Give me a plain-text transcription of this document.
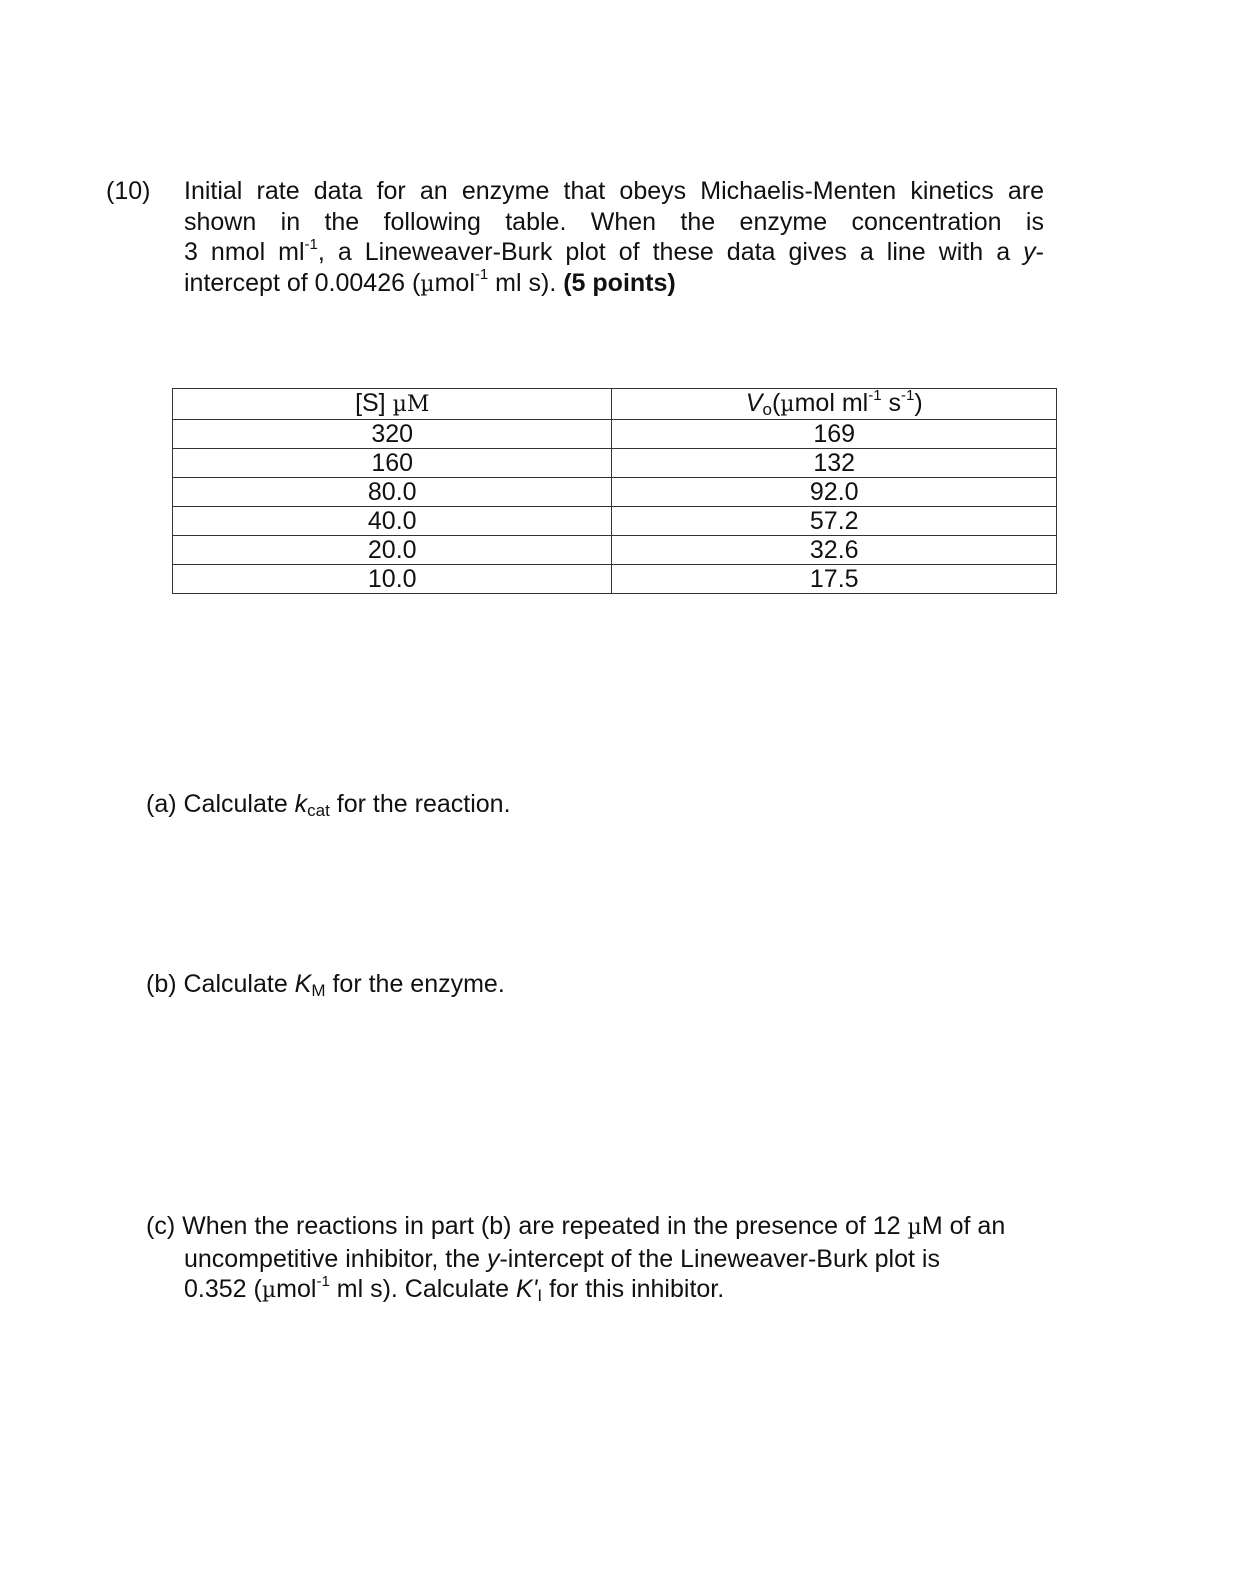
(10) Initial rate data for an enzyme that obeys Michaelis-Menten kinetics are
shown in the following table. When the enzyme concentration is
3 nmol $ml^{-1}$, a Lineweaver-Burk plot of these data gives a line with a y-
intercept of 0.00426 (µmol$^{-1}$ ml s). (5 points)
[S] µM	$V_o(\mu mol$ $ml^{-1}$ $s^{-1}$)
320	169
160	132
80.0	92.0
40.0	57.2
20.0	32.6
10.0	17.5
(a) Calculate $k_{cat}$ for the reaction.
(b) Calculate $K_M$ for the enzyme.
(c) When the reactions in part (b) are repeated in the presence of 12 µM of an
uncompetitive inhibitor, the y-intercept of the Lineweaver-Burk plot is
0.352 (µmol$^{-1}$ ml s). Calculate $K'_I$ for this inhibitor.
